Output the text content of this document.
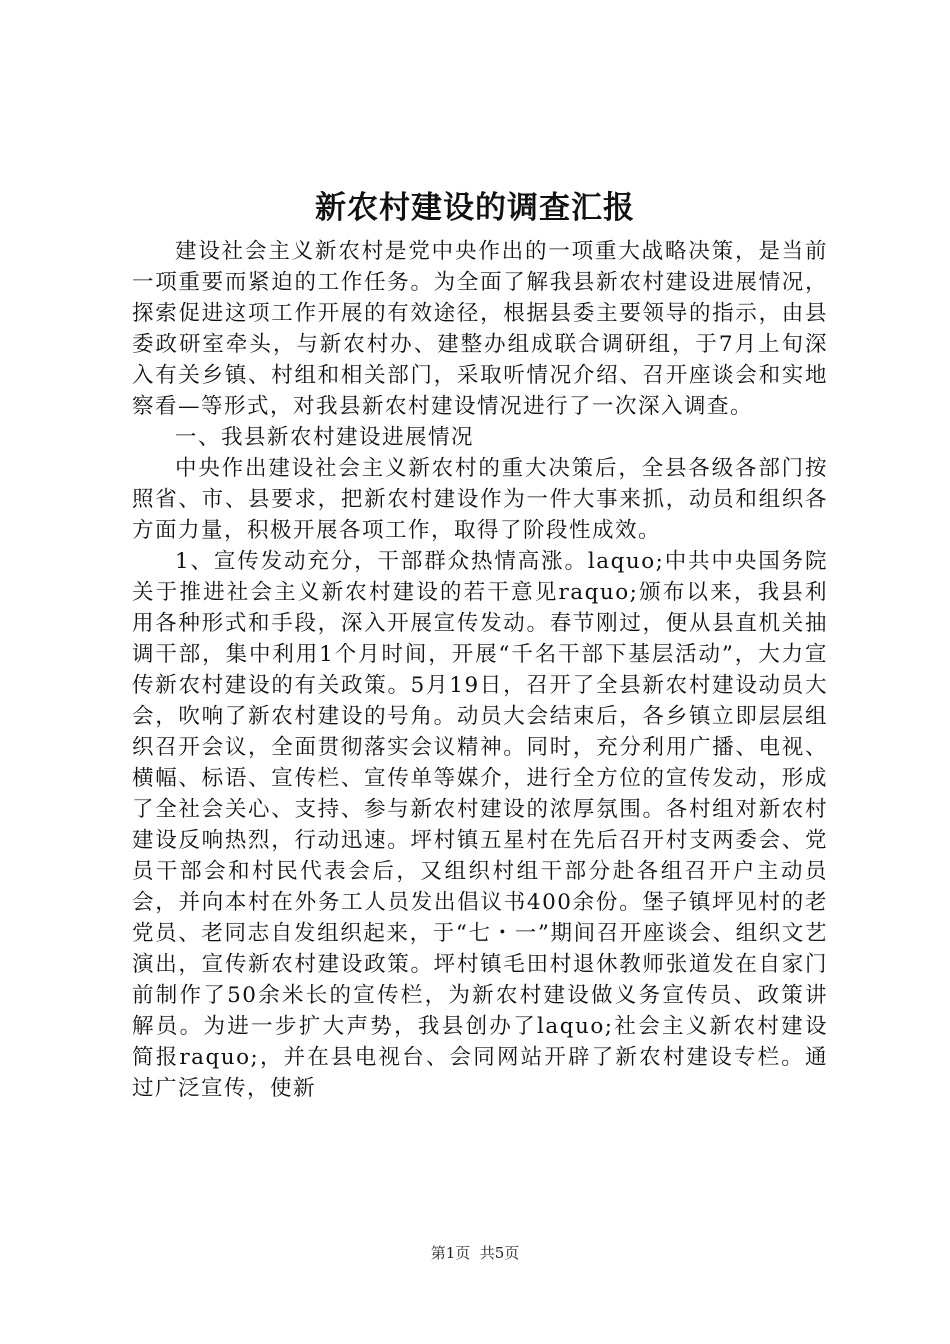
新农村建设的调查汇报

建设社会主义新农村是党中央作出的一项重大战略决策，是当前一项重要而紧迫的工作任务。为全面了解我县新农村建设进展情况，探索促进这项工作开展的有效途径，根据县委主要领导的指示，由县委政研室牵头，与新农村办、建整办组成联合调研组，于7月上旬深入有关乡镇、村组和相关部门，采取听情况介绍、召开座谈会和实地察看—等形式，对我县新农村建设情况进行了一次深入调查。

一、我县新农村建设进展情况

中央作出建设社会主义新农村的重大决策后，全县各级各部门按照省、市、县要求，把新农村建设作为一件大事来抓，动员和组织各方面力量，积极开展各项工作，取得了阶段性成效。

1、宣传发动充分，干部群众热情高涨。laquo;中共中央国务院关于推进社会主义新农村建设的若干意见raquo;颁布以来，我县利用各种形式和手段，深入开展宣传发动。春节刚过，便从县直机关抽调干部，集中利用1个月时间，开展“千名干部下基层活动”，大力宣传新农村建设的有关政策。5月19日，召开了全县新农村建设动员大会，吹响了新农村建设的号角。动员大会结束后，各乡镇立即层层组织召开会议，全面贯彻落实会议精神。同时，充分利用广播、电视、横幅、标语、宣传栏、宣传单等媒介，进行全方位的宣传发动，形成了全社会关心、支持、参与新农村建设的浓厚氛围。各村组对新农村建设反响热烈，行动迅速。坪村镇五星村在先后召开村支两委会、党员干部会和村民代表会后，又组织村组干部分赴各组召开户主动员会，并向本村在外务工人员发出倡议书400余份。堡子镇坪见村的老党员、老同志自发组织起来，于“七・一”期间召开座谈会、组织文艺演出，宣传新农村建设政策。坪村镇毛田村退休教师张道发在自家门前制作了50余米长的宣传栏，为新农村建设做义务宣传员、政策讲解员。为进一步扩大声势，我县创办了laquo;社会主义新农村建设简报raquo;，并在县电视台、会同网站开辟了新农村建设专栏。通过广泛宣传，使新

第1页  共5页
